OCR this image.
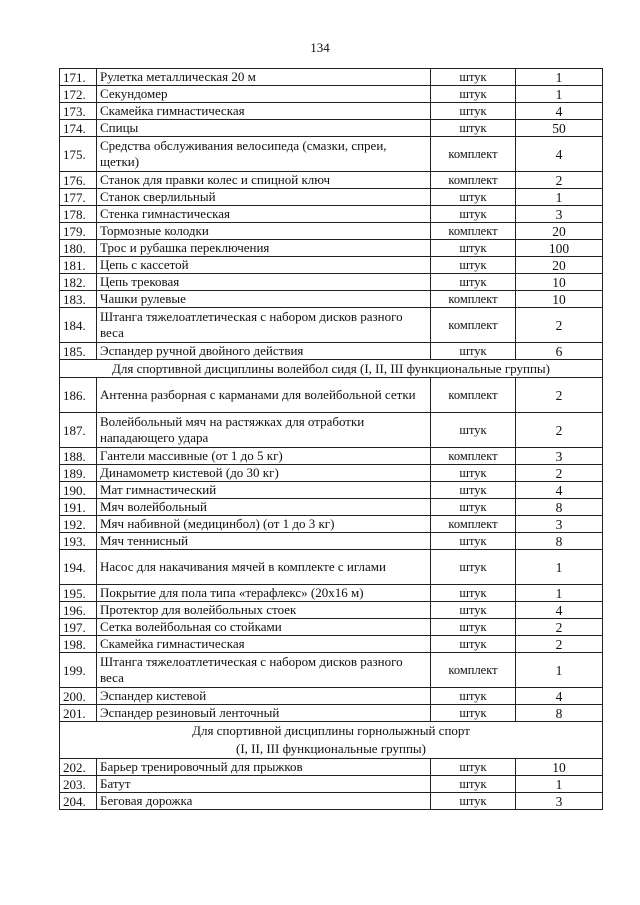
134
171.	Рулетка металлическая 20 м	штук	1
172.	Секундомер	штук	1
173.	Скамейка гимнастическая	штук	4
174.	Спицы	штук	50
175.	Средства обслуживания велосипеда (смазки, спреи, щетки)	комплект	4
176.	Станок для правки колес и спицной ключ	комплект	2
177.	Станок сверлильный	штук	1
178.	Стенка гимнастическая	штук	3
179.	Тормозные колодки	комплект	20
180.	Трос и рубашка переключения	штук	100
181.	Цепь с кассетой	штук	20
182.	Цепь трековая	штук	10
183.	Чашки рулевые	комплект	10
184.	Штанга тяжелоатлетическая с набором дисков разного веса	комплект	2
185.	Эспандер ручной двойного действия	штук	6
Для спортивной дисциплины волейбол сидя (I, II, III функциональные группы)			
186.	Антенна разборная с карманами для волейбольной сетки	комплект	2
187.	Волейбольный мяч на растяжках для отработки нападающего удара	штук	2
188.	Гантели массивные (от 1 до 5 кг)	комплект	3
189.	Динамометр кистевой (до 30 кг)	штук	2
190.	Мат гимнастический	штук	4
191.	Мяч волейбольный	штук	8
192.	Мяч набивной (медицинбол) (от 1 до 3 кг)	комплект	3
193.	Мяч теннисный	штук	8
194.	Насос для накачивания мячей в комплекте с иглами	штук	1
195.	Покрытие для пола типа «терафлекс» (20х16 м)	штук	1
196.	Протектор для волейбольных стоек	штук	4
197.	Сетка волейбольная со стойками	штук	2
198.	Скамейка гимнастическая	штук	2
199.	Штанга тяжелоатлетическая с набором дисков разного веса	комплект	1
200.	Эспандер кистевой	штук	4
201.	Эспандер резиновый ленточный	штук	8
Для спортивной дисциплины горнолыжный спорт
(I, II, III функциональные группы)			
202.	Барьер тренировочный для прыжков	штук	10
203.	Батут	штук	1
204.	Беговая дорожка	штук	3
